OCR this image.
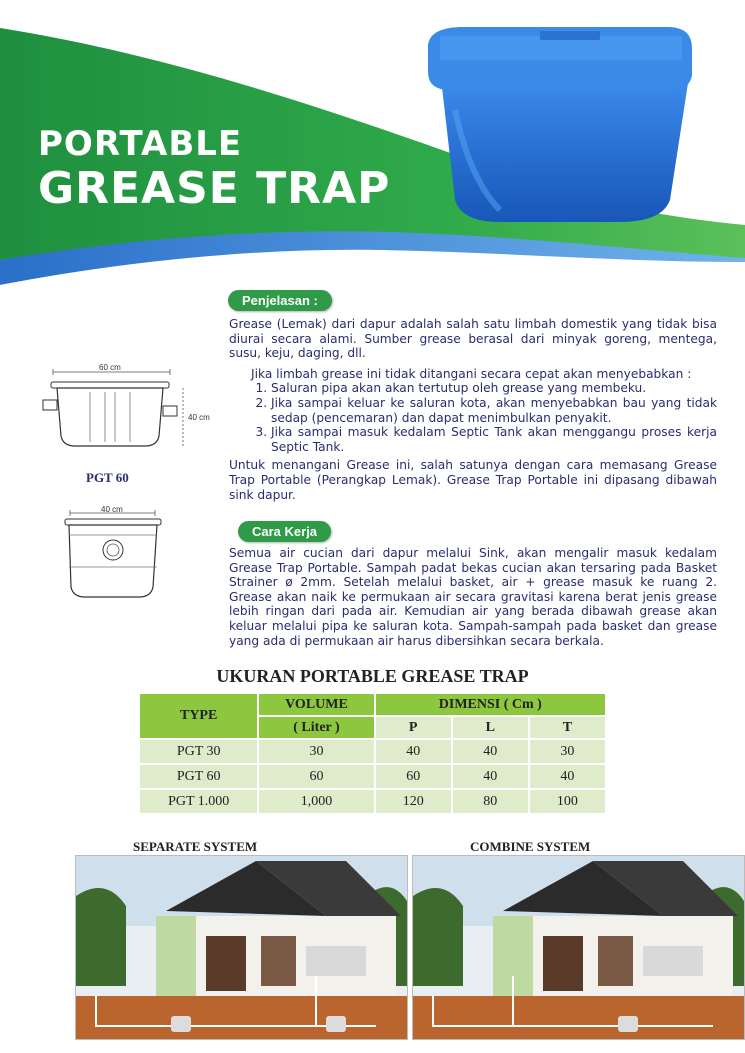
PORTABLE
GREASE TRAP
Penjelasan :

Grease (Lemak) dari dapur adalah salah satu limbah domestik yang tidak bisa diurai secara alami. Sumber grease berasal dari minyak goreng, mentega, susu, keju, daging, dll.

Jika limbah grease ini tidak ditangani secara cepat akan menyebabkan :

1. Saluran pipa akan akan tertutup oleh grease yang membeku.
2. Jika sampai keluar ke saluran kota, akan menyebabkan bau yang tidak sedap (pencemaran) dan dapat menimbulkan penyakit.
3. Jika sampai masuk kedalam Septic Tank akan menggangu proses kerja Septic Tank.

Untuk menangani Grease ini, salah satunya dengan cara memasang Grease Trap Portable (Perangkap Lemak). Grease Trap Portable ini dipasang dibawah sink dapur.

Cara Kerja
Semua air cucian dari dapur melalui Sink, akan mengalir masuk kedalam Grease Trap Portable. Sampah padat bekas cucian akan tersaring pada Basket Strainer ø 2mm. Setelah melalui basket, air + grease masuk ke ruang 2. Grease akan naik ke permukaan air secara gravitasi karena berat jenis grease lebih ringan dari pada air. Kemudian air yang berada dibawah grease akan keluar melalui pipa ke saluran kota. Sampah-sampah pada basket dan grease yang ada di permukaan air harus dibersihkan secara berkala.
60 cm
40 cm
PGT 60
40 cm
UKURAN PORTABLE GREASE TRAP
TYPE	VOLUME	DIMENSI ( Cm )		
	( Liter )	P	L	T
PGT 30	30	40	40	30
PGT 60	60	60	40	40
PGT 1.000	1,000	120	80	100
SEPARATE SYSTEM	COMBINE SYSTEM
